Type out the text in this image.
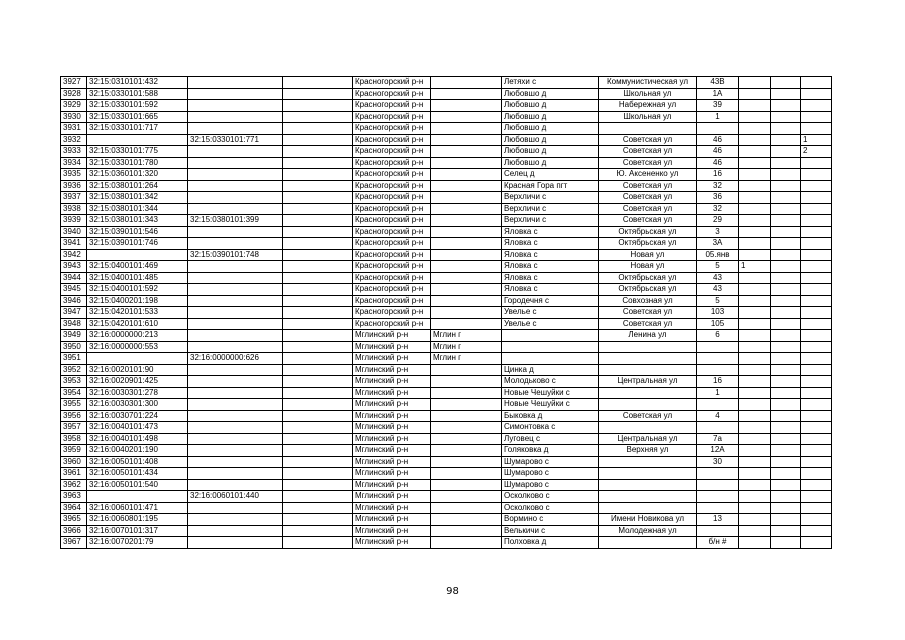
3927	32:15:0310101:432			Красногорский р-н		Летяхи с	Коммунистическая ул	43В			
3928	32:15:0330101:588			Красногорский р-н		Любовшо д	Школьная ул	1А			
3929	32:15:0330101:592			Красногорский р-н		Любовшо д	Набережная ул	39			
3930	32:15:0330101:665			Красногорский р-н		Любовшо д	Школьная ул	1			
3931	32:15:0330101:717			Красногорский р-н		Любовшо д					
3932		32:15:0330101:771		Красногорский р-н		Любовшо д	Советская ул	46			1
3933	32:15:0330101:775			Красногорский р-н		Любовшо д	Советская ул	46			2
3934	32:15:0330101:780			Красногорский р-н		Любовшо д	Советская ул	46			
3935	32:15:0360101:320			Красногорский р-н		Селец д	Ю. Аксененко ул	16			
3936	32:15:0380101:264			Красногорский р-н		Красная Гора пгт	Советская ул	32			
3937	32:15:0380101:342			Красногорский р-н		Верхличи с	Советская ул	36			
3938	32:15:0380101:344			Красногорский р-н		Верхличи с	Советская ул	32			
3939	32:15:0380101:343	32:15:0380101:399		Красногорский р-н		Верхличи с	Советская ул	29			
3940	32:15:0390101:546			Красногорский р-н		Яловка с	Октябрьская ул	3			
3941	32:15:0390101:746			Красногорский р-н		Яловка с	Октябрьская ул	3А			
3942		32:15:0390101:748		Красногорский р-н		Яловка с	Новая ул	05.янв			
3943	32:15:0400101:469			Красногорский р-н		Яловка с	Новая ул	5	1		
3944	32:15:0400101:485			Красногорский р-н		Яловка с	Октябрьская ул	43			
3945	32:15:0400101:592			Красногорский р-н		Яловка с	Октябрьская ул	43			
3946	32:15:0400201:198			Красногорский р-н		Городечня с	Совхозная ул	5			
3947	32:15:0420101:533			Красногорский р-н		Увелье с	Советская ул	103			
3948	32:15:0420101:610			Красногорский р-н		Увелье с	Советская ул	105			
3949	32:16:0000000:213			Мглинский р-н	Мглин г		Ленина ул	6			
3950	32:16:0000000:553			Мглинский р-н	Мглин г						
3951		32:16:0000000:626		Мглинский р-н	Мглин г						
3952	32:16:0020101:90			Мглинский р-н		Цинка д					
3953	32:16:0020901:425			Мглинский р-н		Молодьково с	Центральная ул	16			
3954	32:16:0030301:278			Мглинский р-н		Новые Чешуйки с		1			
3955	32:16:0030301:300			Мглинский р-н		Новые Чешуйки с					
3956	32:16:0030701:224			Мглинский р-н		Быковка д	Советская ул	4			
3957	32:16:0040101:473			Мглинский р-н		Симонтовка с					
3958	32:16:0040101:498			Мглинский р-н		Луговец с	Центральная ул	7а			
3959	32:16:0040201:190			Мглинский р-н		Голяковка д	Верхняя ул	12А			
3960	32:16:0050101:408			Мглинский р-н		Шумарово с		30			
3961	32:16:0050101:434			Мглинский р-н		Шумарово с					
3962	32:16:0050101:540			Мглинский р-н		Шумарово с					
3963		32:16:0060101:440		Мглинский р-н		Осколково с					
3964	32:16:0060101:471			Мглинский р-н		Осколково с					
3965	32:16:0060801:195			Мглинский р-н		Вормино с	Имени Новикова ул	13			
3966	32:16:0070101:317			Мглинский р-н		Велькичи с	Молодежная ул				
3967	32:16:0070201:79			Мглинский р-н		Полховка д		б/н #			
98
